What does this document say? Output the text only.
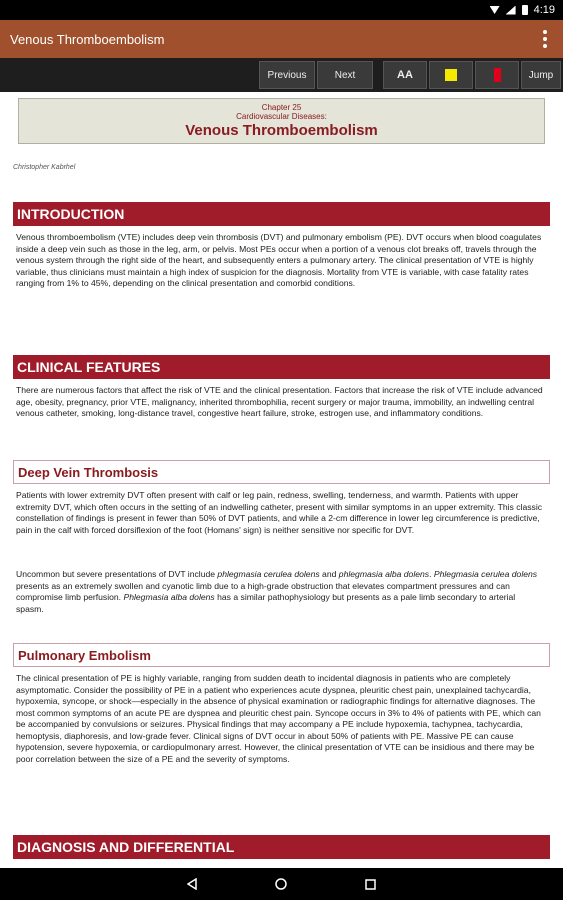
4:19
Venous Thromboembolism
Previous	Next	AA	Jump
Chapter 25
Cardiovascular Diseases:
Venous Thromboembolism
Christopher Kabrhel
INTRODUCTION
Venous thromboembolism (VTE) includes deep vein thrombosis (DVT) and pulmonary embolism (PE). DVT occurs when blood coagulates inside a deep vein such as those in the leg, arm, or pelvis. Most PEs occur when a portion of a venous clot breaks off, travels through the venous system through the right side of the heart, and subsequently enters a pulmonary artery. The clinical presentation of VTE is highly variable, thus clinicians must maintain a high index of suspicion for the diagnosis. Mortality from VTE is variable, with case fatality rates ranging from 1% to 45%, depending on the clinical presentation and comorbid conditions.
CLINICAL FEATURES
There are numerous factors that affect the risk of VTE and the clinical presentation. Factors that increase the risk of VTE include advanced age, obesity, pregnancy, prior VTE, malignancy, inherited thrombophilia, recent surgery or major trauma, immobility, an indwelling central venous catheter, smoking, long-distance travel, congestive heart failure, stroke, estrogen use, and inflammatory conditions.
Deep Vein Thrombosis
Patients with lower extremity DVT often present with calf or leg pain, redness, swelling, tenderness, and warmth. Patients with upper extremity DVT, which often occurs in the setting of an indwelling catheter, present with similar symptoms in an upper extremity. This classic constellation of findings is present in fewer than 50% of DVT patients, and while a 2-cm difference in lower leg circumference is predictive, pain in the calf with forced dorsiflexion of the foot (Homans' sign) is neither sensitive nor specific for DVT.
Uncommon but severe presentations of DVT include phlegmasia cerulea dolens and phlegmasia alba dolens. Phlegmasia cerulea dolens presents as an extremely swollen and cyanotic limb due to a high-grade obstruction that elevates compartment pressures and can compromise limb perfusion. Phlegmasia alba dolens has a similar pathophysiology but presents as a pale limb secondary to arterial spasm.
Pulmonary Embolism
The clinical presentation of PE is highly variable, ranging from sudden death to incidental diagnosis in patients who are completely asymptomatic. Consider the possibility of PE in a patient who experiences acute dyspnea, pleuritic chest pain, unexplained tachycardia, hypoxemia, syncope, or shock—especially in the absence of physical examination or radiographic findings for alternative diagnoses. The most common symptoms of an acute PE are dyspnea and pleuritic chest pain. Syncope occurs in 3% to 4% of patients with PE, which can be accompanied by convulsions or seizures. Physical findings that may accompany a PE include hypoxemia, tachypnea, tachycardia, hemoptysis, diaphoresis, and low-grade fever. Clinical signs of DVT occur in about 50% of patients with PE. Massive PE can cause hypotension, severe hypoxemia, or cardiopulmonary arrest. However, the clinical presentation of VTE can be insidious and there may be poor correlation between the size of a PE and the severity of symptoms.
DIAGNOSIS AND DIFFERENTIAL
